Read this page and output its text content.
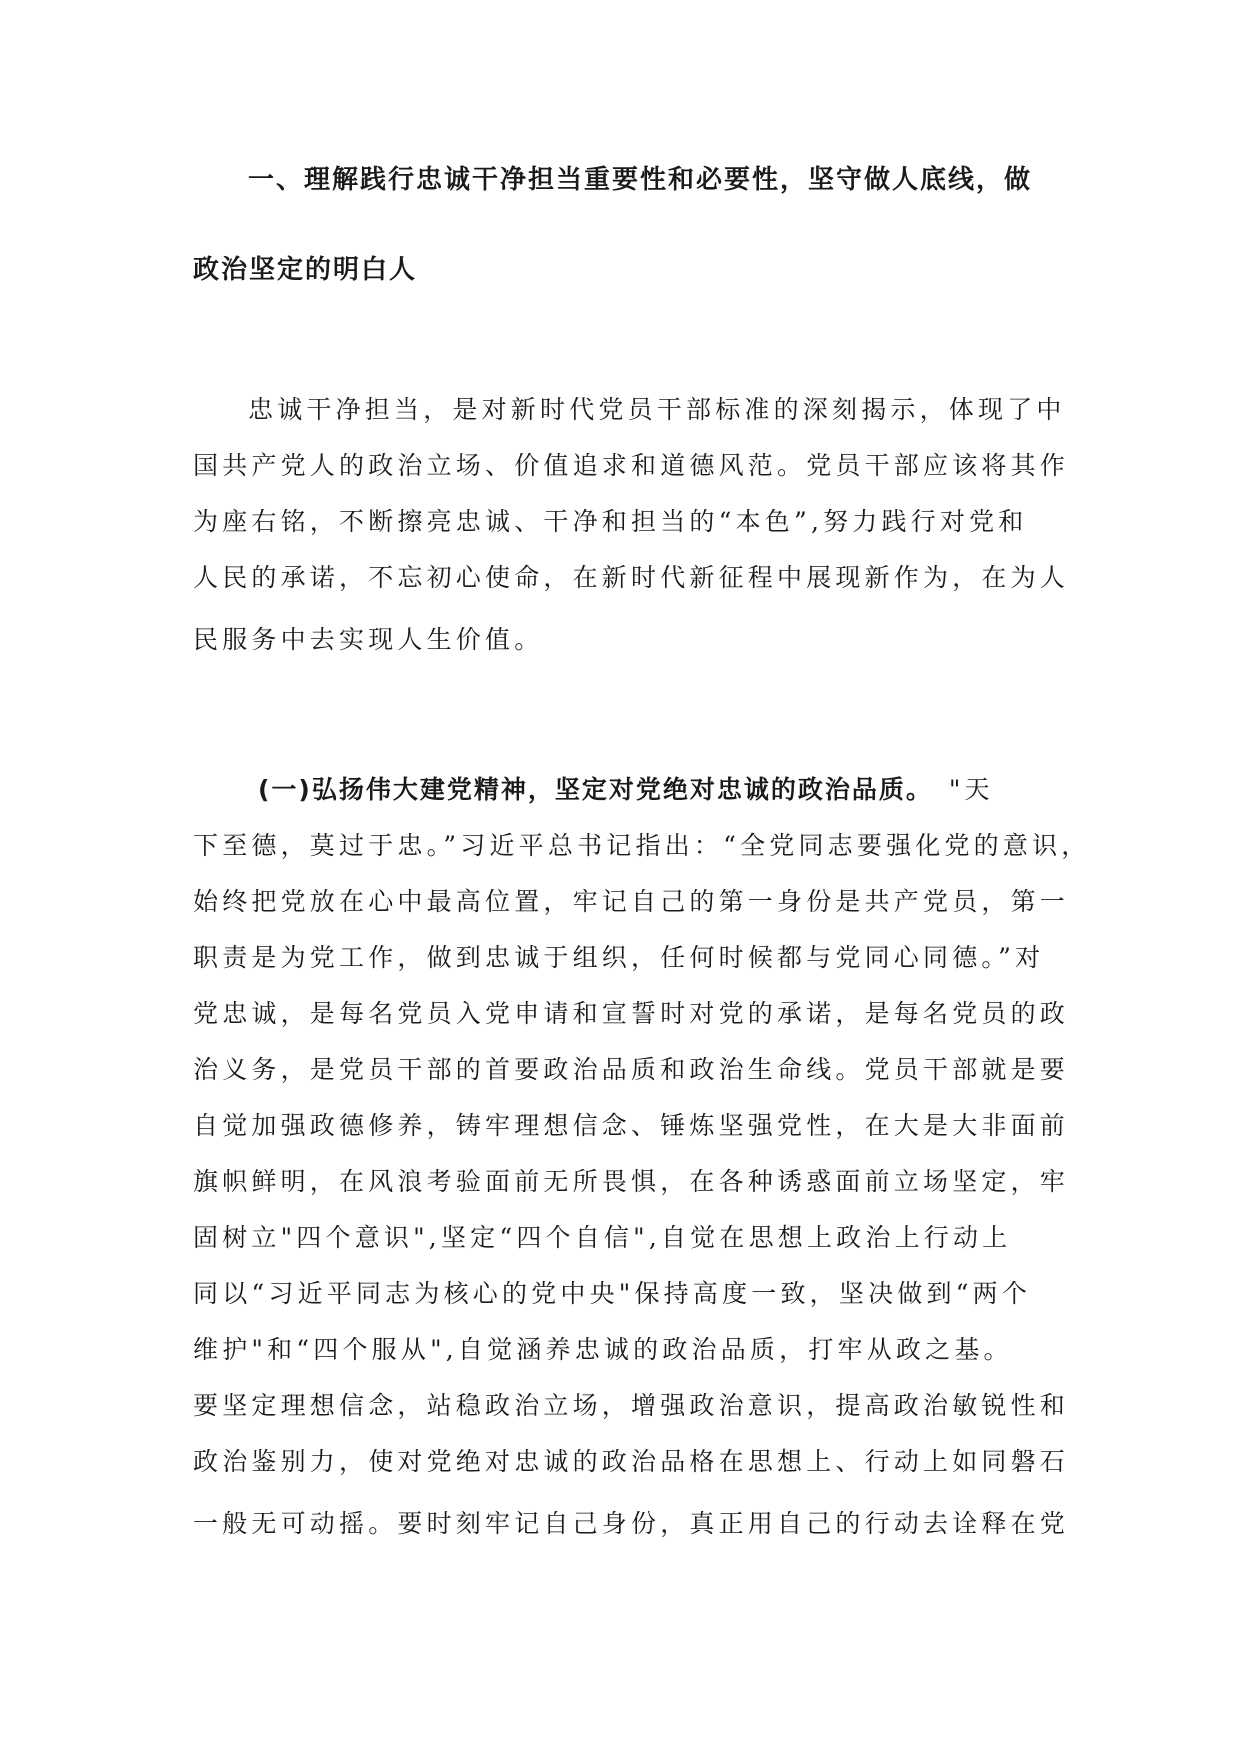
一、理解践行忠诚干净担当重要性和必要性，坚守做人底线，做
政治坚定的明白人
忠诚干净担当，是对新时代党员干部标准的深刻揭示，体现了中
国共产党人的政治立场、价值追求和道德风范。党员干部应该将其作
为座右铭，不断擦亮忠诚、干净和担当的“本色”,努力践行对党和
人民的承诺，不忘初心使命，在新时代新征程中展现新作为，在为人
民服务中去实现人生价值。
(一)弘扬伟大建党精神，坚定对党绝对忠诚的政治品质。 "天
下至德，莫过于忠。”习近平总书记指出：“全党同志要强化党的意识，
始终把党放在心中最高位置，牢记自己的第一身份是共产党员，第一
职责是为党工作，做到忠诚于组织，任何时候都与党同心同德。”对
党忠诚，是每名党员入党申请和宣誓时对党的承诺，是每名党员的政
治义务，是党员干部的首要政治品质和政治生命线。党员干部就是要
自觉加强政德修养，铸牢理想信念、锤炼坚强党性，在大是大非面前
旗帜鲜明，在风浪考验面前无所畏惧，在各种诱惑面前立场坚定，牢
固树立"四个意识",坚定“四个自信",自觉在思想上政治上行动上
同以“习近平同志为核心的党中央"保持高度一致，坚决做到“两个
维护"和“四个服从",自觉涵养忠诚的政治品质，打牢从政之基。
要坚定理想信念，站稳政治立场，增强政治意识，提高政治敏锐性和
政治鉴别力，使对党绝对忠诚的政治品格在思想上、行动上如同磐石
一般无可动摇。要时刻牢记自己身份，真正用自己的行动去诠释在党
